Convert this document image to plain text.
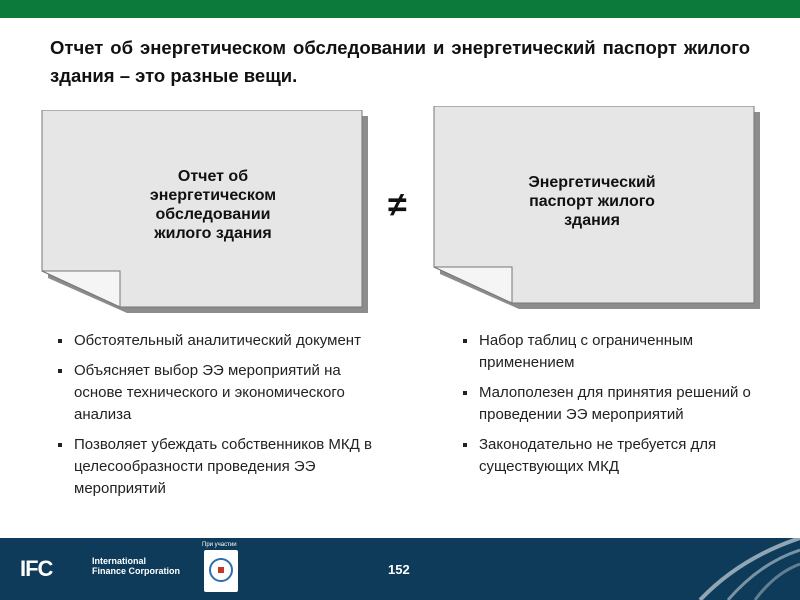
Отчет об энергетическом обследовании и энергетический паспорт жилого здания – это разные вещи.
Отчет об энергетическом обследовании жилого здания
≠
Энергетический паспорт жилого здания
Обстоятельный аналитический документ
Объясняет выбор ЭЭ мероприятий на основе технического и экономического анализа
Позволяет убеждать собственников МКД в целесообразности проведения ЭЭ мероприятий
Набор таблиц с ограниченным применением
Малополезен для принятия решений о проведении ЭЭ мероприятий
Законодательно не требуется для существующих МКД
IFC	International
Finance Corporation
При участии
152
